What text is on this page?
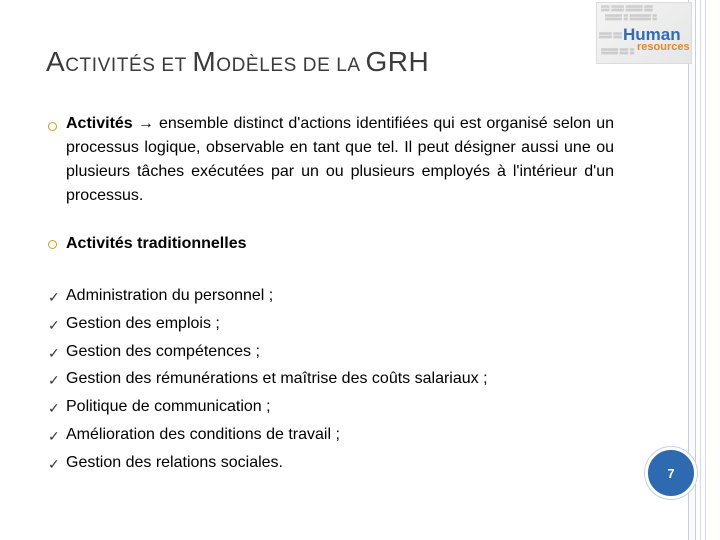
ACTIVITÉS ET MODÈLES DE LA GRH
▒▒ ▒▒▒ ▒▒▒▒ ▒▒
▒▒▒▒ ▒ ▒▒▒▒▒ ▒
▒▒▒ ▒▒
▒▒▒▒ ▒▒ ▒
Human
resources
Activités → ensemble distinct d'actions identifiées qui est organisé selon un processus logique, observable en tant que tel. Il peut désigner aussi une ou plusieurs tâches exécutées par un ou plusieurs employés à l'intérieur d'un processus.
Activités traditionnelles
✓ Administration du personnel ;
✓ Gestion des emplois ;
✓ Gestion des compétences ;
✓ Gestion des rémunérations et maîtrise des coûts salariaux ;
✓ Politique de communication ;
✓ Amélioration des conditions de travail ;
✓ Gestion des relations sociales.
7
